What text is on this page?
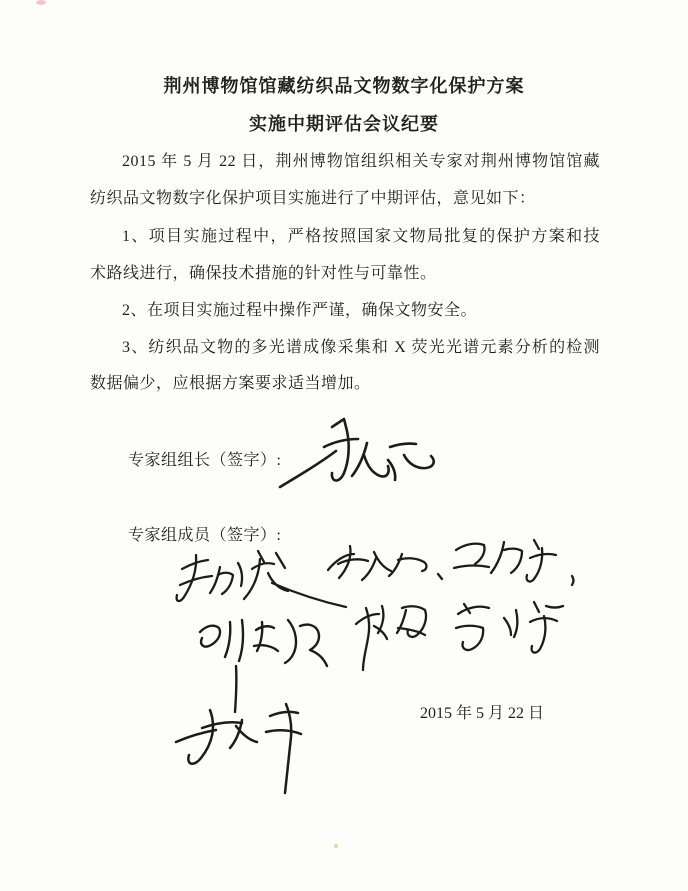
荆州博物馆馆藏纺织品文物数字化保护方案
实施中期评估会议纪要
2015 年 5 月 22 日，荆州博物馆组织相关专家对荆州博物馆馆藏
纺织品文物数字化保护项目实施进行了中期评估，意见如下：
1、项目实施过程中，严格按照国家文物局批复的保护方案和技
术路线进行，确保技术措施的针对性与可靠性。
2、在项目实施过程中操作严谨，确保文物安全。
3、纺织品文物的多光谱成像采集和 X 荧光光谱元素分析的检测
数据偏少，应根据方案要求适当增加。
专家组组长（签字）:
专家组成员（签字）:
2015 年 5 月 22 日
